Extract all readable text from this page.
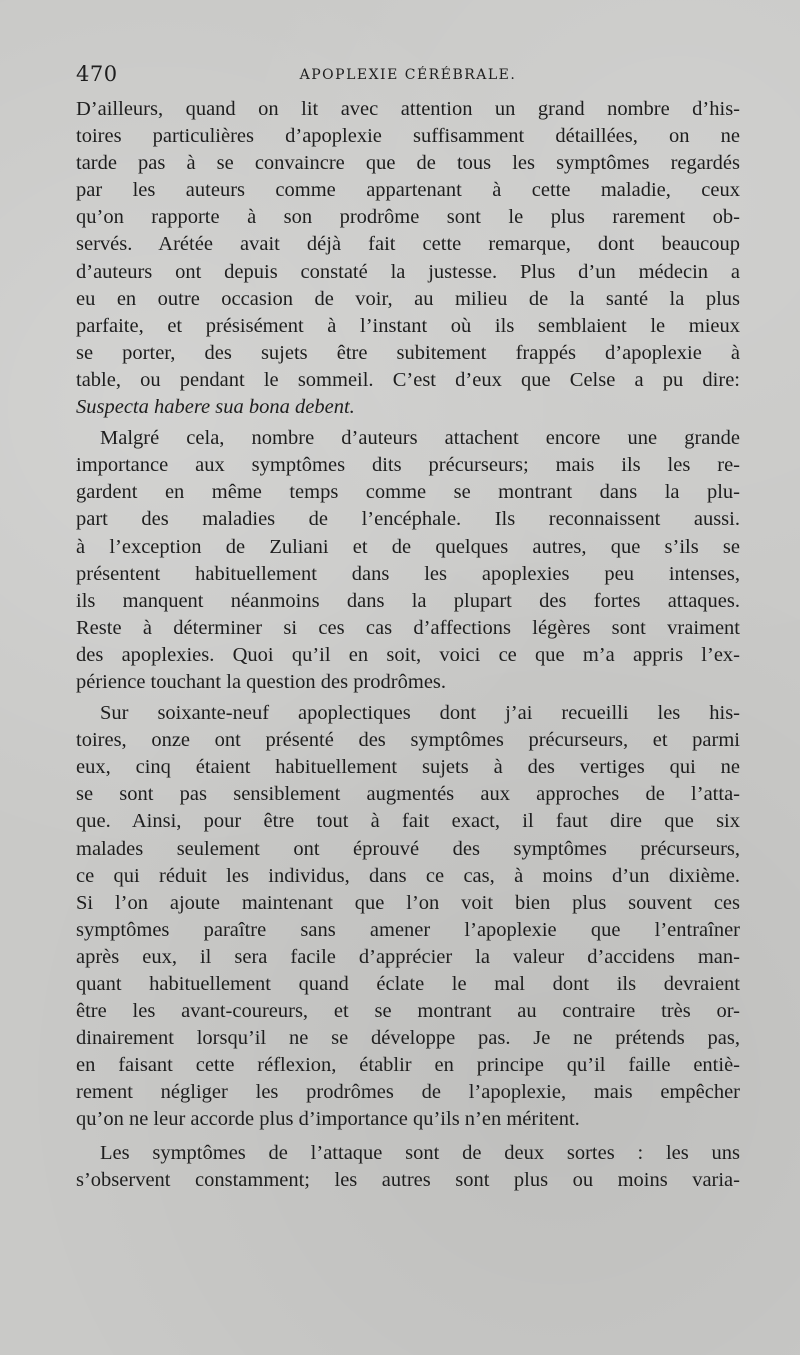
470	APOPLEXIE CÉRÉBRALE.
D’ailleurs, quand on lit avec attention un grand nombre d’his-
toires particulières d’apoplexie suffisamment détaillées, on ne
tarde pas à se convaincre que de tous les symptômes regardés
par les auteurs comme appartenant à cette maladie, ceux
qu’on rapporte à son prodrôme sont le plus rarement ob-
servés. Arétée avait déjà fait cette remarque, dont beaucoup
d’auteurs ont depuis constaté la justesse. Plus d’un médecin a
eu en outre occasion de voir, au milieu de la santé la plus
parfaite, et présisément à l’instant où ils semblaient le mieux
se porter, des sujets être subitement frappés d’apoplexie à
table, ou pendant le sommeil. C’est d’eux que Celse a pu dire:
Suspecta habere sua bona debent.
Malgré cela, nombre d’auteurs attachent encore une grande
importance aux symptômes dits précurseurs; mais ils les re-
gardent en même temps comme se montrant dans la plu-
part des maladies de l’encéphale. Ils reconnaissent aussi.
à l’exception de Zuliani et de quelques autres, que s’ils se
présentent habituellement dans les apoplexies peu intenses,
ils manquent néanmoins dans la plupart des fortes attaques.
Reste à déterminer si ces cas d’affections légères sont vraiment
des apoplexies. Quoi qu’il en soit, voici ce que m’a appris l’ex-
périence touchant la question des prodrômes.
Sur soixante-neuf apoplectiques dont j’ai recueilli les his-
toires, onze ont présenté des symptômes précurseurs, et parmi
eux, cinq étaient habituellement sujets à des vertiges qui ne
se sont pas sensiblement augmentés aux approches de l’atta-
que. Ainsi, pour être tout à fait exact, il faut dire que six
malades seulement ont éprouvé des symptômes précurseurs,
ce qui réduit les individus, dans ce cas, à moins d’un dixième.
Si l’on ajoute maintenant que l’on voit bien plus souvent ces
symptômes paraître sans amener l’apoplexie que l’entraîner
après eux, il sera facile d’apprécier la valeur d’accidens man-
quant habituellement quand éclate le mal dont ils devraient
être les avant-coureurs, et se montrant au contraire très or-
dinairement lorsqu’il ne se développe pas. Je ne prétends pas,
en faisant cette réflexion, établir en principe qu’il faille entiè-
rement négliger les prodrômes de l’apoplexie, mais empêcher
qu’on ne leur accorde plus d’importance qu’ils n’en méritent.
Les symptômes de l’attaque sont de deux sortes : les uns
s’observent constamment; les autres sont plus ou moins varia-
